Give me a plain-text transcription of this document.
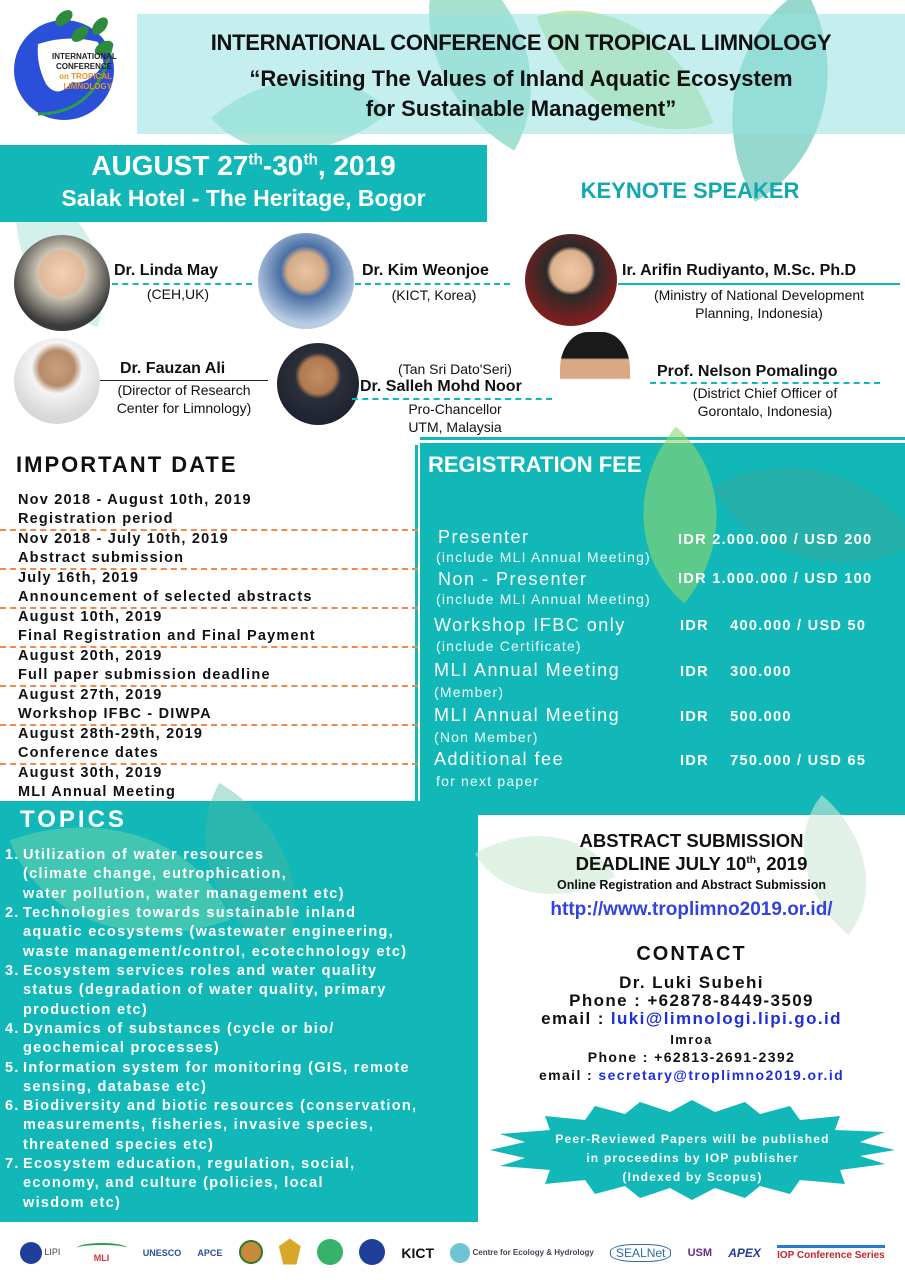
INTERNATIONAL
CONFERENCE
on TROPICAL
LIMNOLOGY
INTERNATIONAL CONFERENCE ON TROPICAL LIMNOLOGY
“Revisiting The Values of Inland Aquatic Ecosystem
for Sustainable Management”
AUGUST 27th-30th, 2019
Salak Hotel - The Heritage, Bogor	KEYNOTE SPEAKER
Dr. Linda May
(CEH,UK)
Dr. Kim Weonjoe
(KICT, Korea)
Ir. Arifin Rudiyanto, M.Sc. Ph.D
(Ministry of National Development
Planning, Indonesia)
Dr. Fauzan Ali
(Director of Research
Center for Limnology)
(Tan Sri Dato'Seri)
Dr. Salleh Mohd Noor
Pro-Chancellor
UTM, Malaysia
Prof. Nelson Pomalingo
(District Chief Officer of
Gorontalo, Indonesia)
REGISTRATION FEE
Presenter
(include MLI Annual Meeting)
IDR 2.000.000 / USD 200
Non - Presenter
(include MLI Annual Meeting)
IDR 1.000.000 / USD 100
Workshop IFBC only
(include Certificate)
IDR    400.000 / USD 50
MLI Annual Meeting
(Member)
IDR    300.000
MLI Annual Meeting
(Non Member)
IDR    500.000
Additional fee
for next paper
IDR    750.000 / USD 65
IMPORTANT DATE
Nov 2018 - August 10th, 2019
Registration period
Nov 2018 - July 10th, 2019
Abstract submission
July 16th, 2019
Announcement of selected abstracts
August 10th, 2019
Final Registration and Final Payment
August 20th, 2019
Full paper submission deadline
August 27th, 2019
Workshop IFBC - DIWPA
August 28th-29th, 2019
Conference dates
August 30th, 2019
MLI Annual Meeting
TOPICS
1. Utilization of water resources
(climate change, eutrophication,
water pollution, water management etc)
2. Technologies towards sustainable inland
aquatic ecosystems (wastewater engineering,
waste management/control, ecotechnology etc)
3. Ecosystem services roles and water quality
status (degradation of water quality, primary
production etc)
4. Dynamics of substances (cycle or bio/
geochemical processes)
5. Information system for monitoring (GIS, remote
sensing, database etc)
6. Biodiversity and biotic resources (conservation,
measurements, fisheries, invasive species,
threatened species etc)
7. Ecosystem education, regulation, social,
economy, and culture (policies, local
wisdom etc)
ABSTRACT SUBMISSION
DEADLINE JULY 10th, 2019
Online Registration and Abstract Submission
http://www.troplimno2019.or.id/
CONTACT
Dr. Luki Subehi
Phone : +62878-8449-3509
email : luki@limnologi.lipi.go.id
Imroa
Phone : +62813-2691-2392
email : secretary@troplimno2019.or.id
Peer-Reviewed Papers will be published
in proceedins by IOP publisher
(Indexed by Scopus)
LIPI
MLI	UNESCO APCE	KICT	Centre for Ecology & Hydrology	SEALNet	USM APEX IOP Conference Series
